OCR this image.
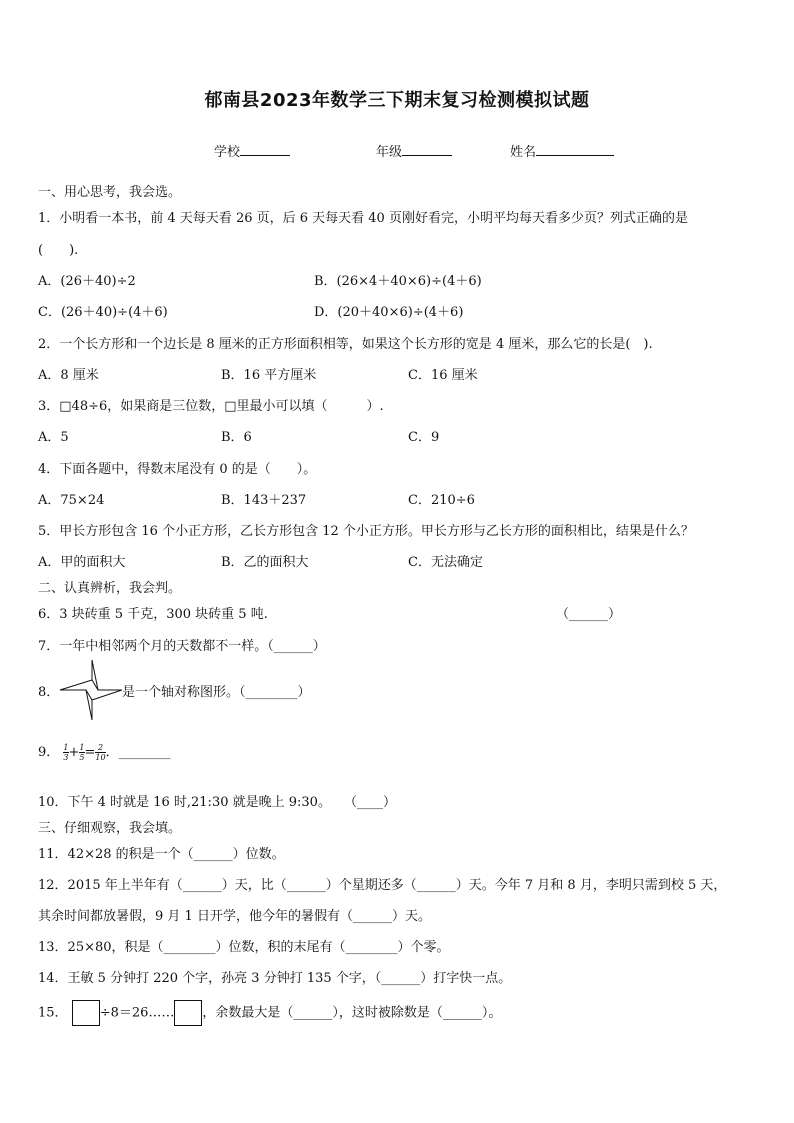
郁南县2023年数学三下期末复习检测模拟试题
学校	年级	姓名
一、用心思考，我会选。
1．小明看一本书，前 4 天每天看 26 页，后 6 天每天看 40 页刚好看完，小明平均每天看多少页？列式正确的是
(　　).
A．(26＋40)÷2	B．(26×4＋40×6)÷(4＋6)
C．(26＋40)÷(4＋6)	D．(20＋40×6)÷(4＋6)
2．一个长方形和一个边长是 8 厘米的正方形面积相等，如果这个长方形的宽是 4 厘米，那么它的长是(　).
A．8 厘米	B．16 平方厘米	C．16 厘米
3．□48÷6，如果商是三位数，□里最小可以填（　　　）.
A．5	B．6	C．9
4．下面各题中，得数末尾没有 0 的是（　　）。
A．75×24	B．143＋237	C．210÷6
5．甲长方形包含 16 个小正方形，乙长方形包含 12 个小正方形。甲长方形与乙长方形的面积相比，结果是什么？
A．甲的面积大	B．乙的面积大	C．无法确定
二、认真辨析，我会判。
6．3 块砖重 5 千克，300 块砖重 5 吨.	（______）
7．一年中相邻两个月的天数都不一样。（______）
8．	是一个轴对称图形。（________）
9． $\frac{1}{3} + \frac{1}{5} = \frac{2}{10}$ ．________
10．下午 4 时就是 16 时,21:30 就是晚上 9:30。　　（____）
三、仔细观察，我会填。
11．42×28 的积是一个（______）位数。
12．2015 年上半年有（______）天，比（______）个星期还多（______）天。今年 7 月和 8 月，李明只需到校 5 天，
其余时间都放暑假，9 月 1 日开学，他今年的暑假有（______）天。
13．25×80，积是（________）位数，积的末尾有（________）个零。
14．王敏 5 分钟打 220 个字，孙亮 3 分钟打 135 个字，（______）打字快一点。
15． ÷8＝26…… ，余数最大是（______），这时被除数是（______）。
